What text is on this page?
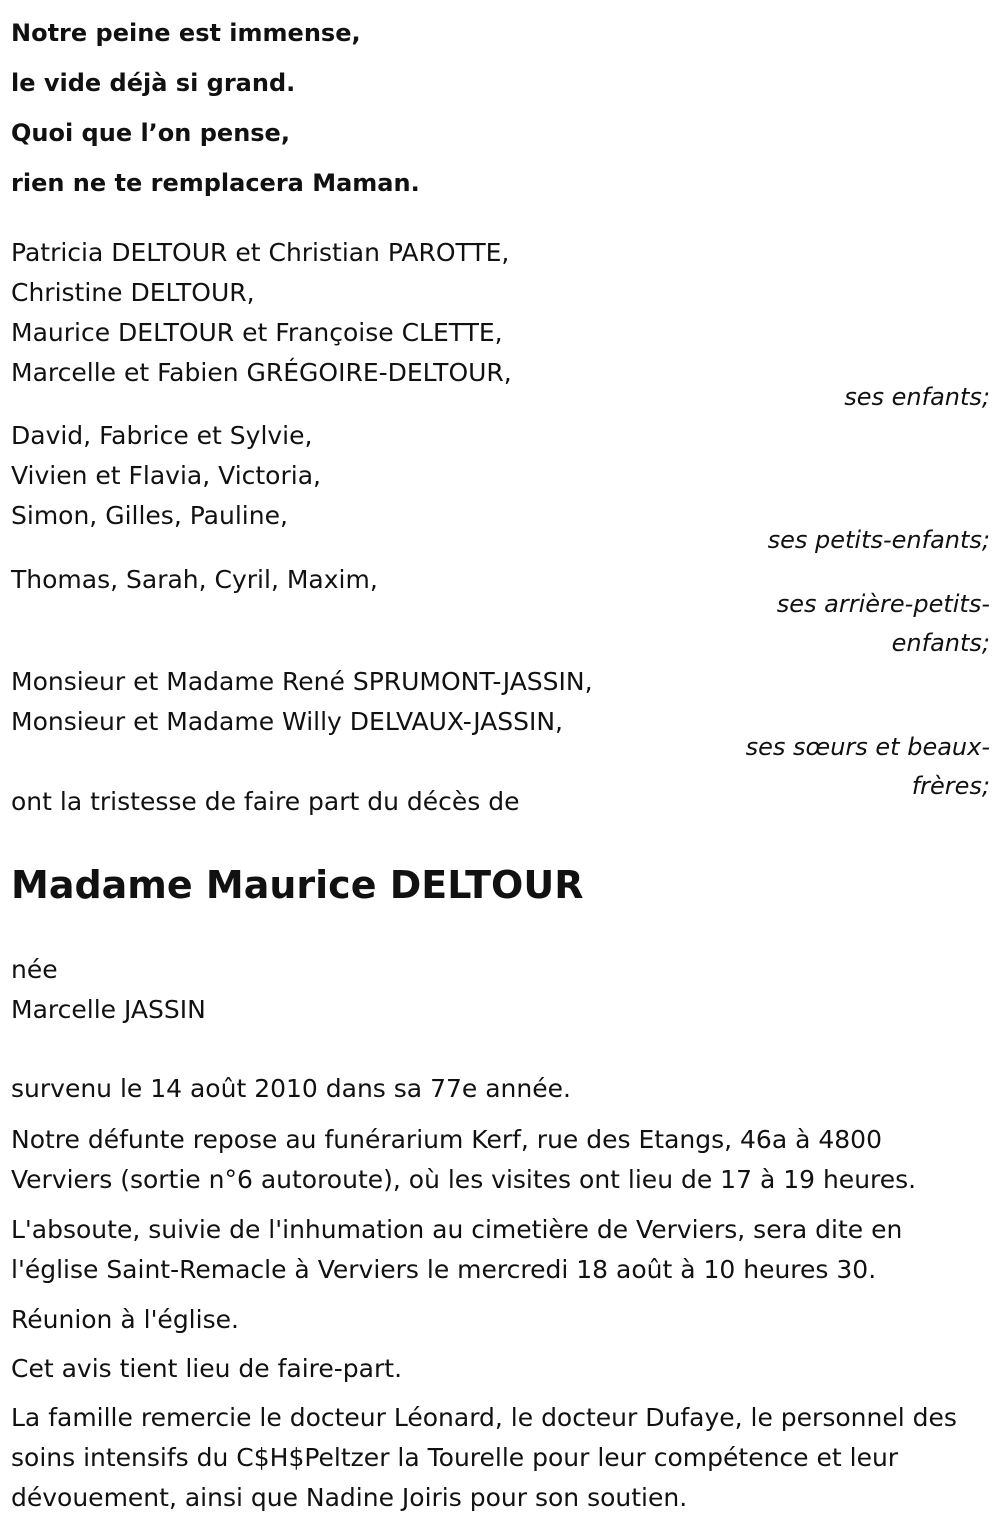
Notre peine est immense,
le vide déjà si grand.
Quoi que l’on pense,
rien ne te remplacera Maman.
Patricia DELTOUR et Christian PAROTTE,
Christine DELTOUR,
Maurice DELTOUR et Françoise CLETTE,
Marcelle et Fabien GRÉGOIRE-DELTOUR,
ses enfants;
David, Fabrice et Sylvie,
Vivien et Flavia, Victoria,
Simon, Gilles, Pauline,
ses petits-enfants;
Thomas, Sarah, Cyril, Maxim,
ses arrière-petits-
enfants;
Monsieur et Madame René SPRUMONT-JASSIN,
Monsieur et Madame Willy DELVAUX-JASSIN,
ses sœurs et beaux-
frères;
ont la tristesse de faire part du décès de
Madame Maurice DELTOUR
née
Marcelle JASSIN
survenu le 14 août 2010 dans sa 77e année.
Notre défunte repose au funérarium Kerf, rue des Etangs, 46a à 4800 Verviers (sortie n°6 autoroute), où les visites ont lieu de 17 à 19 heures.
L'absoute, suivie de l'inhumation au cimetière de Verviers, sera dite en l'église Saint-Remacle à Verviers le mercredi 18 août à 10 heures 30.
Réunion à l'église.
Cet avis tient lieu de faire-part.
La famille remercie le docteur Léonard, le docteur Dufaye, le personnel des soins intensifs du C$H$Peltzer la Tourelle pour leur compétence et leur dévouement, ainsi que Nadine Joiris pour son soutien.
